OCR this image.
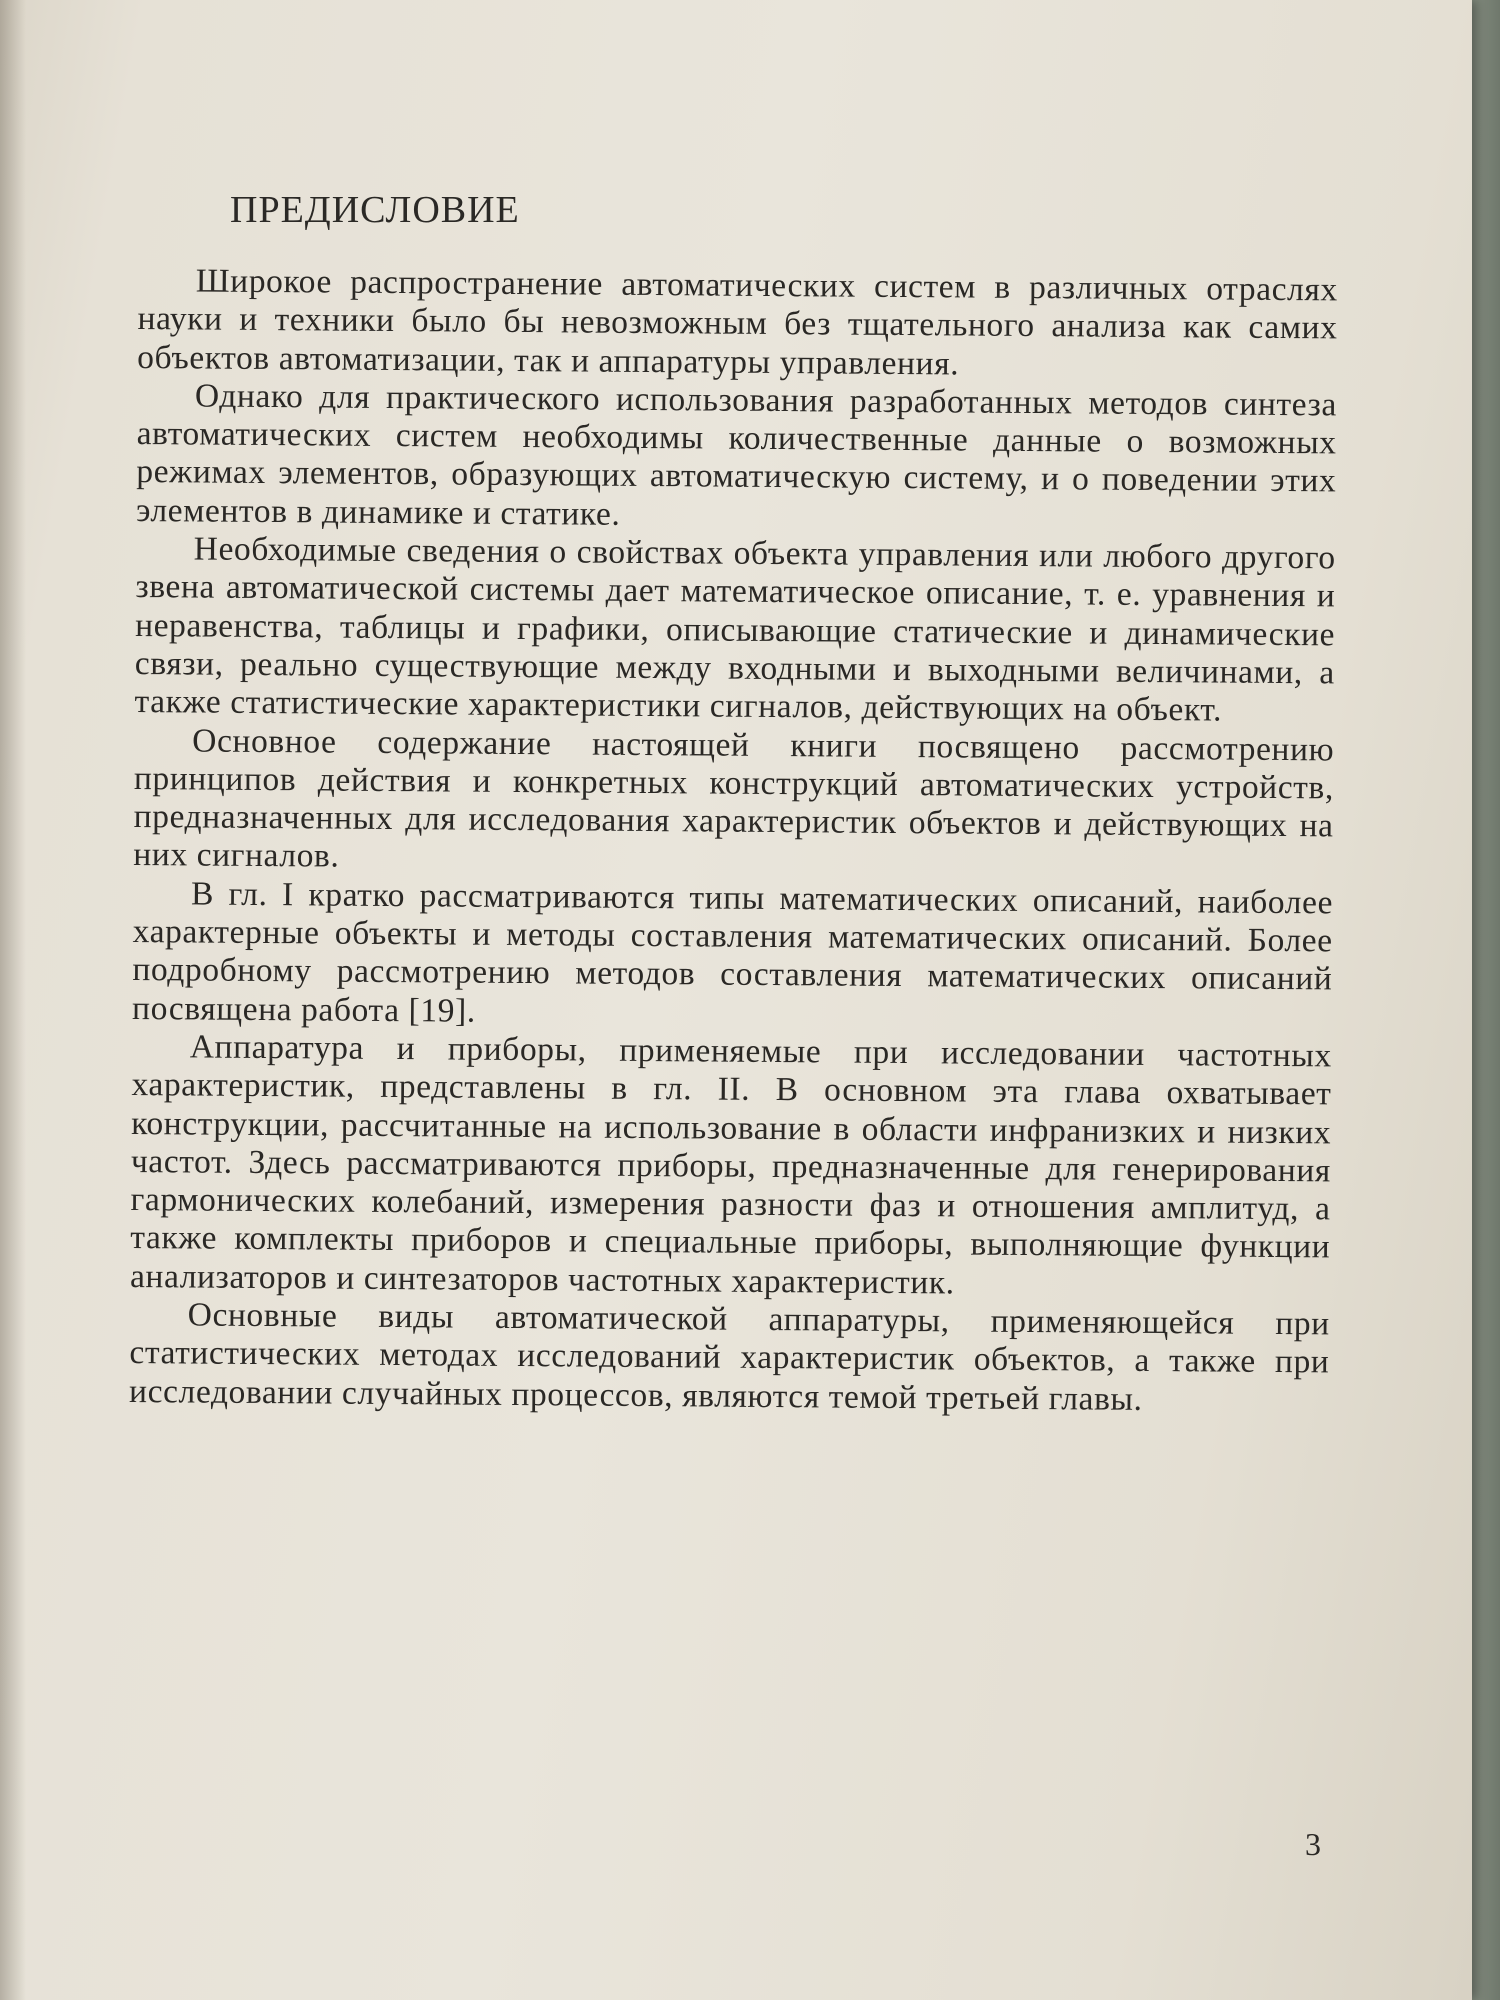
ПРЕДИСЛОВИЕ

Широкое распространение автоматических систем в различных отраслях науки и техники было бы невозможным без тщательного анализа как самих объектов автоматизации, так и аппаратуры управления.

Однако для практического использования разработанных методов синтеза автоматических систем необходимы количественные данные о возможных режимах элементов, образующих автоматическую систему, и о поведении этих элементов в динамике и статике.

Необходимые сведения о свойствах объекта управления или любого другого звена автоматической системы дает математическое описание, т. е. уравнения и неравенства, таблицы и графики, описывающие статические и динамические связи, реально существующие между входными и выходными величинами, а также статистические характеристики сигналов, действующих на объект.

Основное содержание настоящей книги посвящено рассмотрению принципов действия и конкретных конструкций автоматических устройств, предназначенных для исследования характеристик объектов и действующих на них сигналов.

В гл. I кратко рассматриваются типы математических описаний, наиболее характерные объекты и методы составления математических описаний. Более подробному рассмотрению методов составления математических описаний посвящена работа [19].

Аппаратура и приборы, применяемые при исследовании частотных характеристик, представлены в гл. II. В основном эта глава охватывает конструкции, рассчитанные на использование в области инфранизких и низких частот. Здесь рассматриваются приборы, предназначенные для генерирования гармонических колебаний, измерения разности фаз и отношения амплитуд, а также комплекты приборов и специальные приборы, выполняющие функции анализаторов и синтезаторов частотных характеристик.

Основные виды автоматической аппаратуры, применяющейся при статистических методах исследований характеристик объектов, а также при исследовании случайных процессов, являются темой третьей главы.

3
